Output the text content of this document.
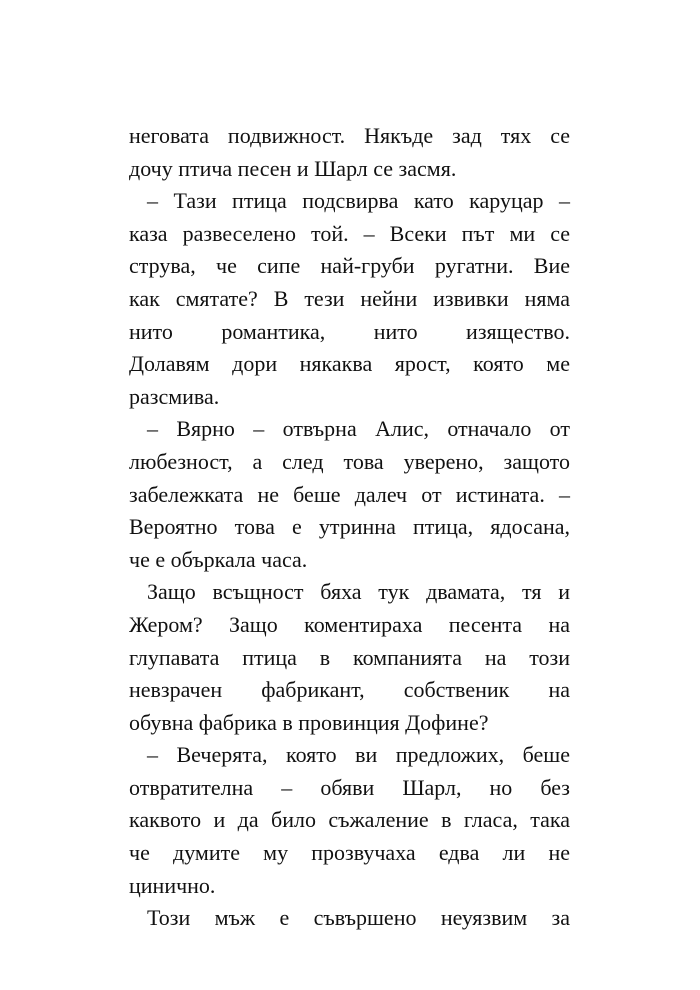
неговата подвижност. Някъде зад тях се
дочу птича песен и Шарл се засмя.
– Тази птица подсвирва като каруцар –
каза развеселено той. – Всеки път ми се
струва, че сипе най-груби ругатни. Вие
как смятате? В тези нейни извивки няма
нито романтика, нито изящество.
Долавям дори някаква ярост, която ме
разсмива.
– Вярно – отвърна Алис, отначало от
любезност, а след това уверено, защото
забележката не беше далеч от истината. –
Вероятно това е утринна птица, ядосана,
че е объркала часа.
Защо всъщност бяха тук двамата, тя и
Жером? Защо коментираха песента на
глупавата птица в компанията на този
невзрачен фабрикант, собственик на
обувна фабрика в провинция Дофине?
– Вечерята, която ви предложих, беше
отвратителна – обяви Шарл, но без
каквото и да било съжаление в гласа, така
че думите му прозвучаха едва ли не
цинично.
Този мъж е съвършено неуязвим за
